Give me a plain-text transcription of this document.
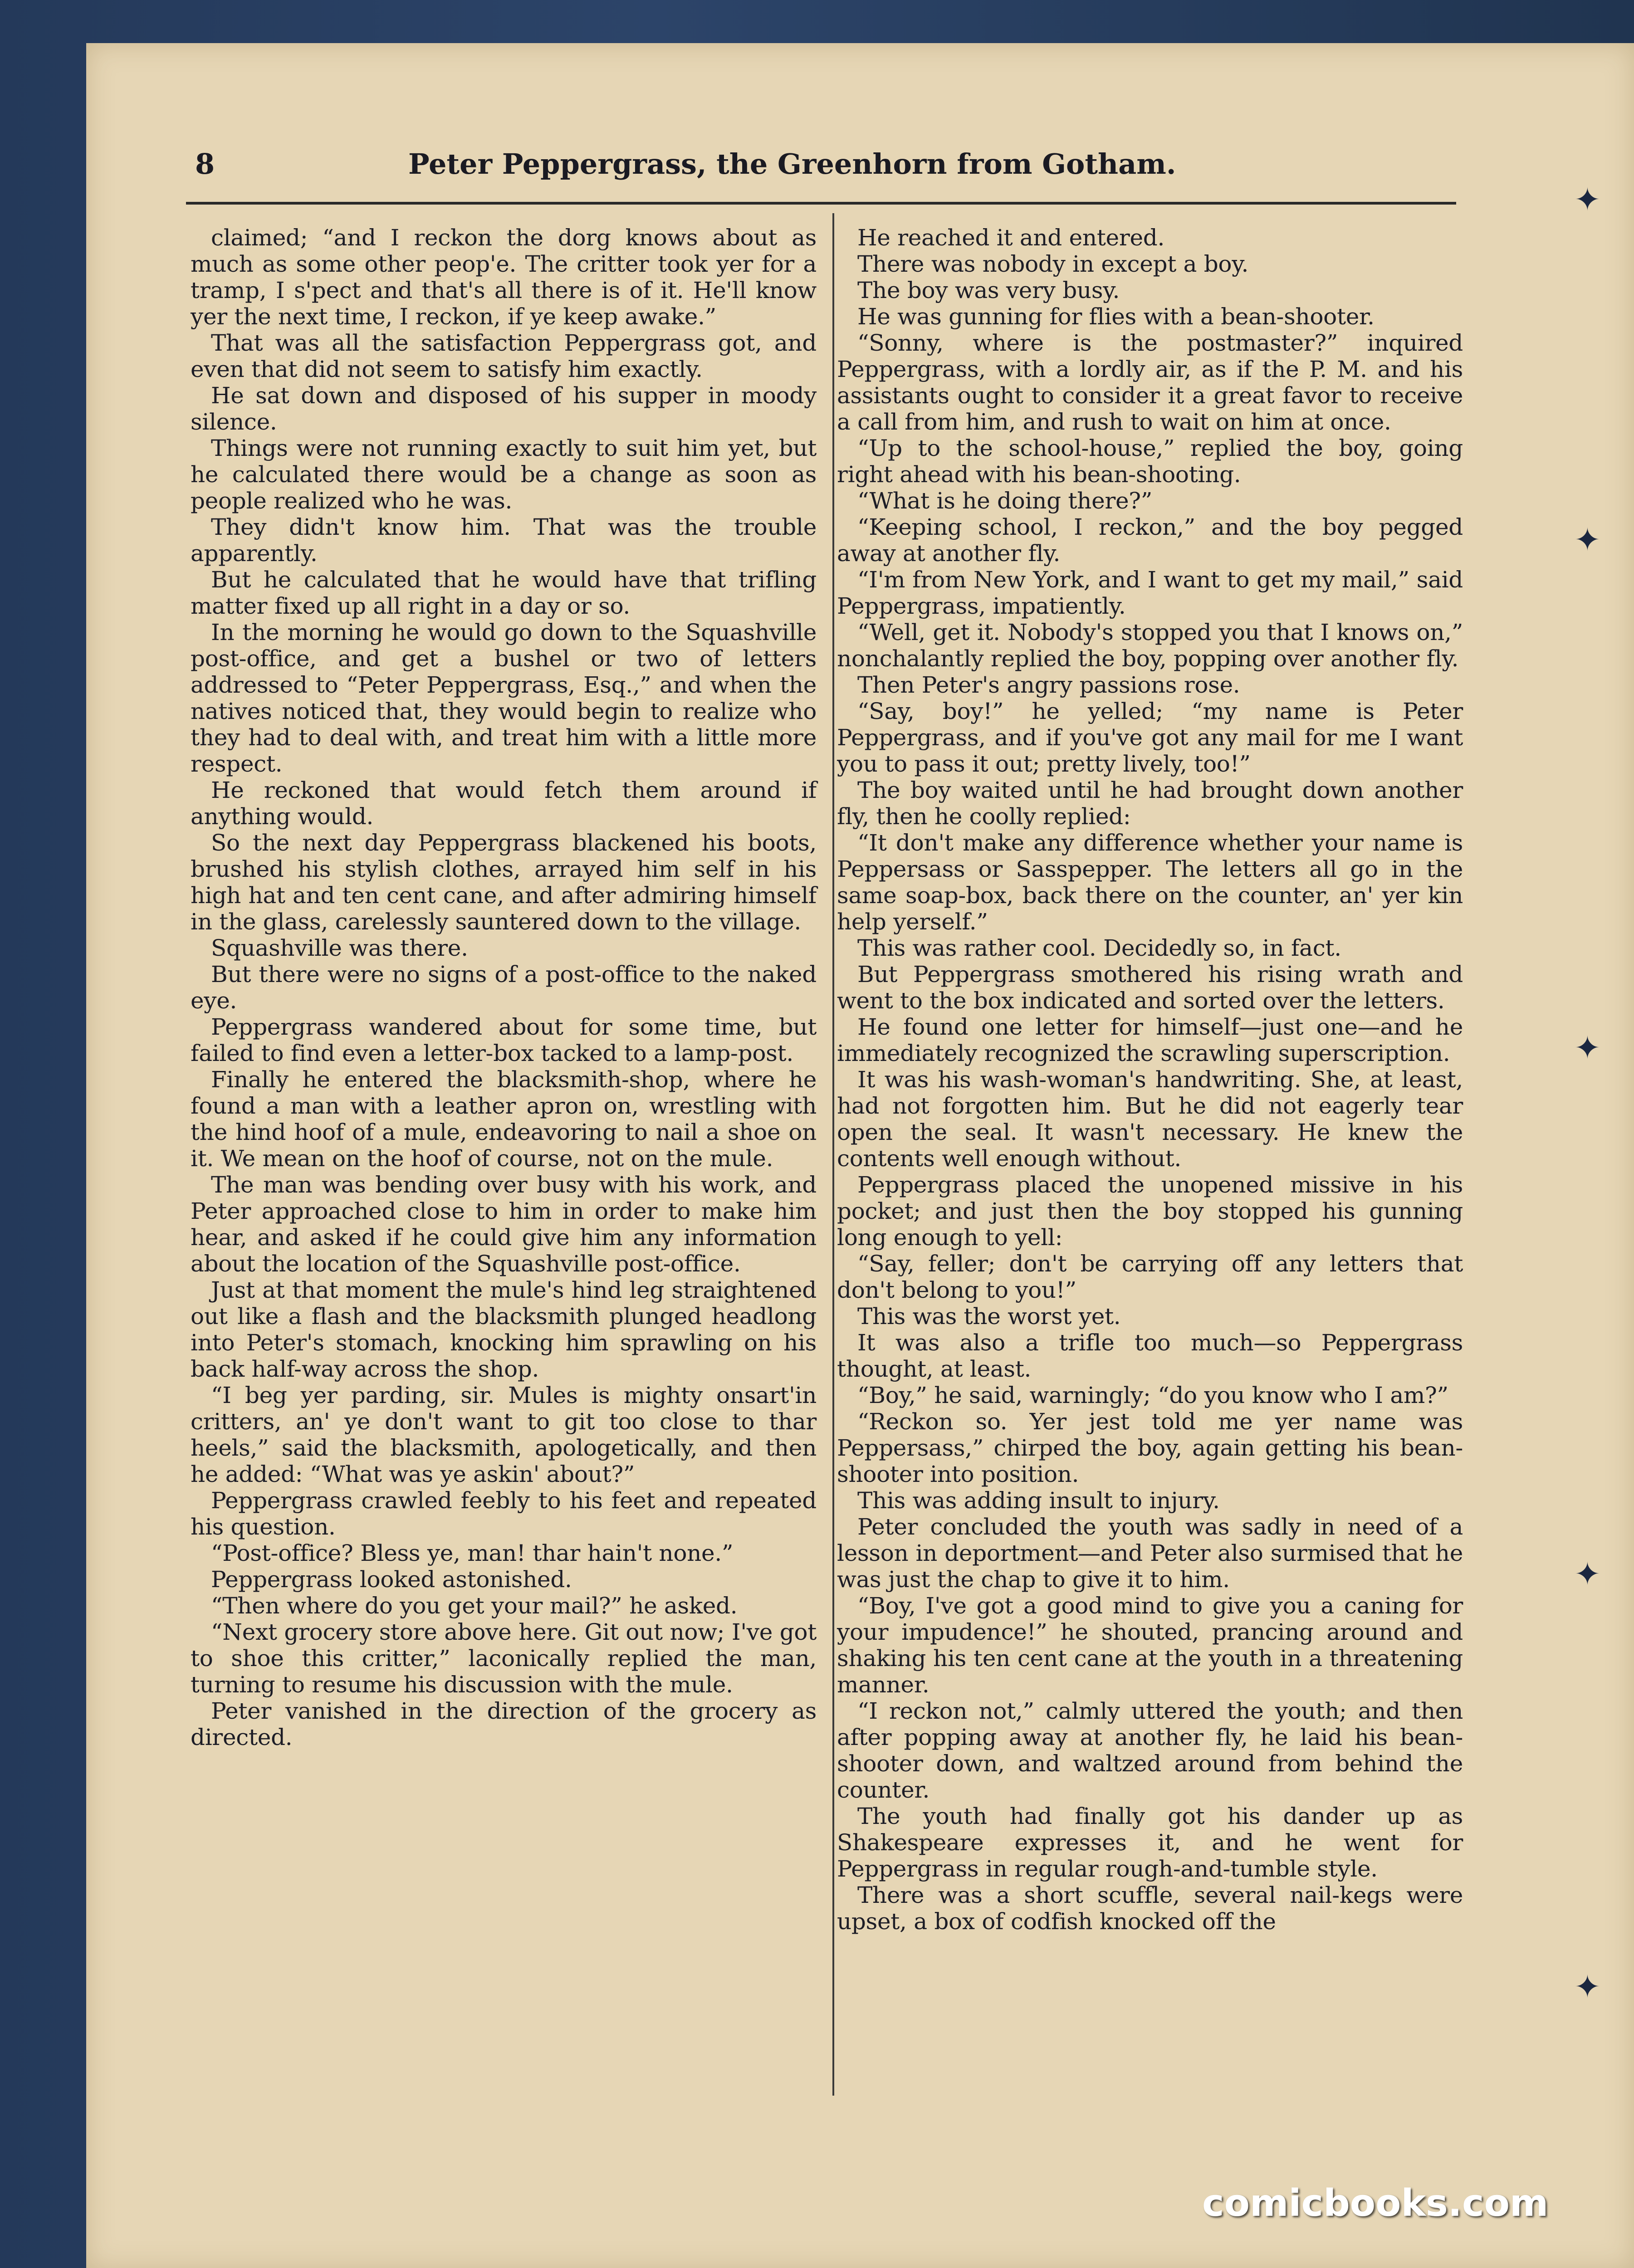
✦
✦
✦
✦
✦
8	Peter Peppergrass, the Greenhorn from Gotham.

claimed; “and I reckon the dorg knows about as much as some other peop'e. The critter took yer for a tramp, I s'pect and that's all there is of it. He'll know yer the next time, I reckon, if ye keep awake.”

That was all the satisfaction Peppergrass got, and even that did not seem to satisfy him exactly.

He sat down and disposed of his supper in moody silence.

Things were not running exactly to suit him yet, but he calculated there would be a change as soon as people realized who he was.

They didn't know him. That was the trouble apparently.

But he calculated that he would have that trifling matter fixed up all right in a day or so.

In the morning he would go down to the Squashville post-office, and get a bushel or two of letters addressed to “Peter Peppergrass, Esq.,” and when the natives noticed that, they would begin to realize who they had to deal with, and treat him with a little more respect.

He reckoned that would fetch them around if anything would.

So the next day Peppergrass blackened his boots, brushed his stylish clothes, arrayed him self in his high hat and ten cent cane, and after admiring himself in the glass, carelessly sauntered down to the village.

Squashville was there.

But there were no signs of a post-office to the naked eye.

Peppergrass wandered about for some time, but failed to find even a letter-box tacked to a lamp-post.

Finally he entered the blacksmith-shop, where he found a man with a leather apron on, wrestling with the hind hoof of a mule, endeavoring to nail a shoe on it. We mean on the hoof of course, not on the mule.

The man was bending over busy with his work, and Peter approached close to him in order to make him hear, and asked if he could give him any information about the location of the Squashville post-office.

Just at that moment the mule's hind leg straightened out like a flash and the blacksmith plunged headlong into Peter's stomach, knocking him sprawling on his back half-way across the shop.

“I beg yer parding, sir. Mules is mighty onsart'in critters, an' ye don't want to git too close to thar heels,” said the blacksmith, apologetically, and then he added: “What was ye askin' about?”

Peppergrass crawled feebly to his feet and repeated his question.

“Post-office? Bless ye, man! thar hain't none.”

Peppergrass looked astonished.

“Then where do you get your mail?” he asked.

“Next grocery store above here. Git out now; I've got to shoe this critter,” laconically replied the man, turning to resume his discussion with the mule.

Peter vanished in the direction of the grocery as directed.

He reached it and entered.

There was nobody in except a boy.

The boy was very busy.

He was gunning for flies with a bean-shooter.

“Sonny, where is the postmaster?” inquired Peppergrass, with a lordly air, as if the P. M. and his assistants ought to consider it a great favor to receive a call from him, and rush to wait on him at once.

“Up to the school-house,” replied the boy, going right ahead with his bean-shooting.

“What is he doing there?”

“Keeping school, I reckon,” and the boy pegged away at another fly.

“I'm from New York, and I want to get my mail,” said Peppergrass, impatiently.

“Well, get it. Nobody's stopped you that I knows on,” nonchalantly replied the boy, popping over another fly.

Then Peter's angry passions rose.

“Say, boy!” he yelled; “my name is Peter Peppergrass, and if you've got any mail for me I want you to pass it out; pretty lively, too!”

The boy waited until he had brought down another fly, then he coolly replied:

“It don't make any difference whether your name is Peppersass or Sasspepper. The letters all go in the same soap-box, back there on the counter, an' yer kin help yerself.”

This was rather cool. Decidedly so, in fact.

But Peppergrass smothered his rising wrath and went to the box indicated and sorted over the letters.

He found one letter for himself—just one—and he immediately recognized the scrawling superscription.

It was his wash-woman's handwriting. She, at least, had not forgotten him. But he did not eagerly tear open the seal. It wasn't necessary. He knew the contents well enough without.

Peppergrass placed the unopened missive in his pocket; and just then the boy stopped his gunning long enough to yell:

“Say, feller; don't be carrying off any letters that don't belong to you!”

This was the worst yet.

It was also a trifle too much—so Peppergrass thought, at least.

“Boy,” he said, warningly; “do you know who I am?”

“Reckon so. Yer jest told me yer name was Peppersass,” chirped the boy, again getting his bean-shooter into position.

This was adding insult to injury.

Peter concluded the youth was sadly in need of a lesson in deportment—and Peter also surmised that he was just the chap to give it to him.

“Boy, I've got a good mind to give you a caning for your impudence!” he shouted, prancing around and shaking his ten cent cane at the youth in a threatening manner.

“I reckon not,” calmly uttered the youth; and then after popping away at another fly, he laid his bean-shooter down, and waltzed around from behind the counter.

The youth had finally got his dander up as Shakespeare expresses it, and he went for Peppergrass in regular rough-and-tumble style.

There was a short scuffle, several nail-kegs were upset, a box of codfish knocked off the

comicbooks.com
